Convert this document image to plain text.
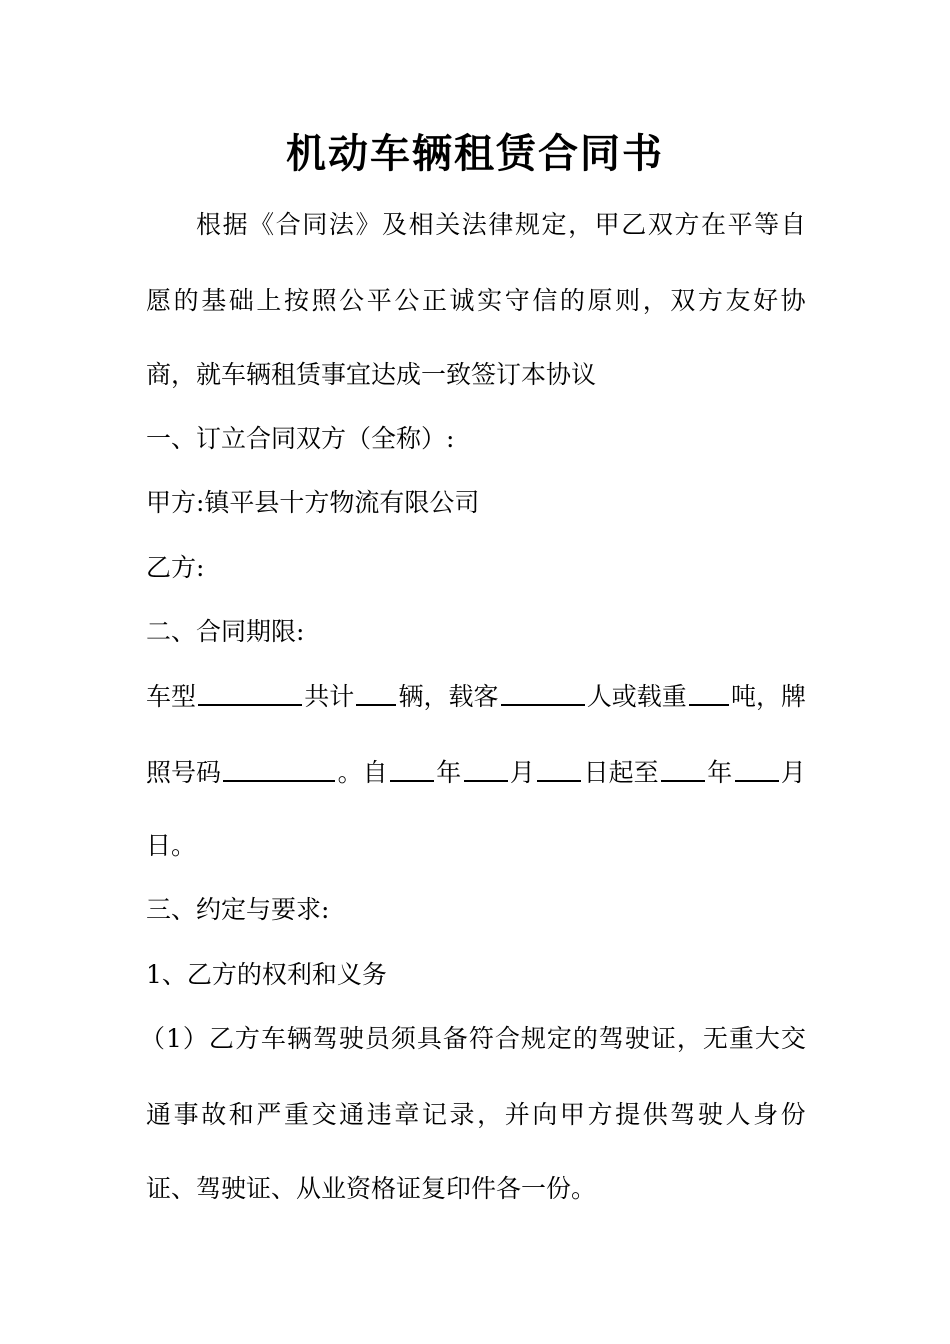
机动车辆租赁合同书
根 据 《 合 同 法 》 及 相 关 法 律 规 定 ， 甲 乙 双 方 在 平 等 自
愿 的 基 础 上 按 照 公 平 公 正 诚 实 守 信 的 原 则 ， 双 方 友 好 协
商，就车辆租赁事宜达成一致签订本协议
一、订立合同双方（全称）:
甲方:镇平县十方物流有限公司
乙方:
二、合同期限:
车型	共计 辆，载客	人或载重 吨，牌
照号码	。自 年 月 日起至 年 月
日。
三、约定与要求:
1、乙方的权利和义务
（ 1 ） 乙 方 车 辆 驾 驶 员 须 具 备 符 合 规 定 的 驾 驶 证 ， 无 重 大 交
通 事 故 和 严 重 交 通 违 章 记 录 ， 并 向 甲 方 提 供 驾 驶 人 身 份
证、驾驶证、从业资格证复印件各一份。
